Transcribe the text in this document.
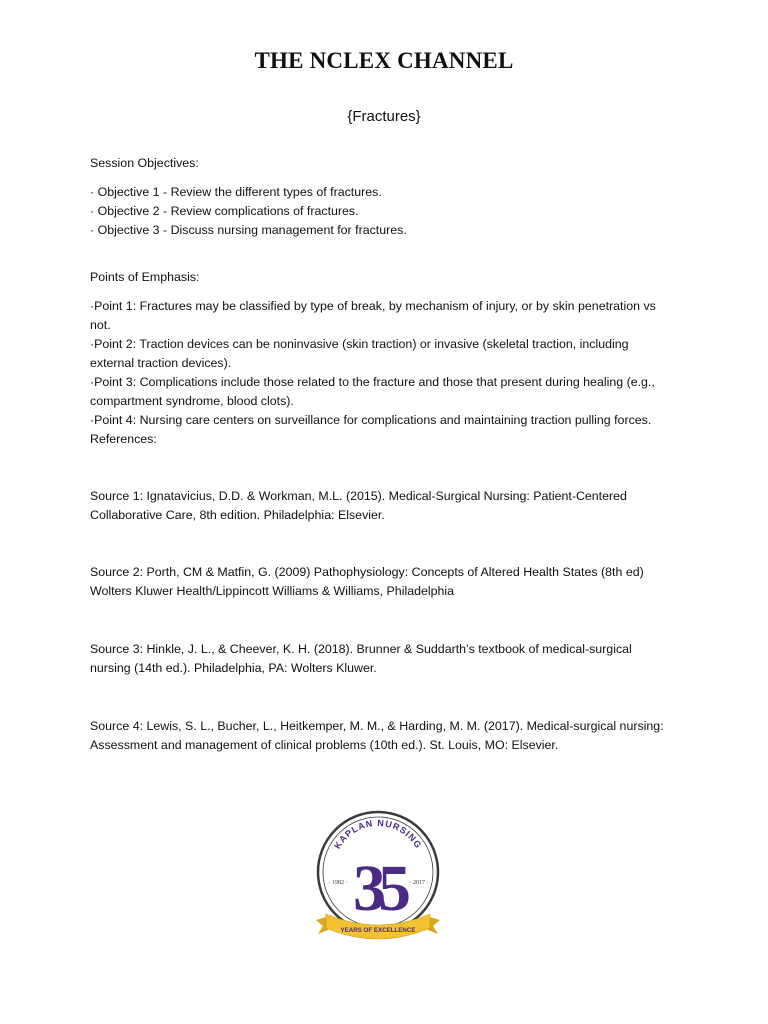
THE NCLEX CHANNEL
{Fractures}
Session Objectives:
· Objective 1 - Review the different types of fractures.
· Objective 2 - Review complications of fractures.
· Objective 3 - Discuss nursing management for fractures.
Points of Emphasis:
·Point 1: Fractures may be classified by type of break, by mechanism of injury, or by skin penetration vs
not.
·Point 2: Traction devices can be noninvasive (skin traction) or invasive (skeletal traction, including
external traction devices).
·Point 3: Complications include those related to the fracture and those that present during healing (e.g.,
compartment syndrome, blood clots).
·Point 4: Nursing care centers on surveillance for complications and maintaining traction pulling forces.
References:
Source 1: Ignatavicius, D.D. & Workman, M.L. (2015). Medical-Surgical Nursing: Patient-Centered
Collaborative Care, 8th edition. Philadelphia: Elsevier.
Source 2: Porth, CM & Matfin, G. (2009) Pathophysiology: Concepts of Altered Health States (8th ed)
Wolters Kluwer Health/Lippincott Williams & Williams, Philadelphia
Source 3: Hinkle, J. L., & Cheever, K. H. (2018). Brunner & Suddarth’s textbook of medical-surgical
nursing (14th ed.). Philadelphia, PA: Wolters Kluwer.
Source 4: Lewis, S. L., Bucher, L., Heitkemper, M. M., & Harding, M. M. (2017). Medical-surgical nursing:
Assessment and management of clinical problems (10th ed.). St. Louis, MO: Elsevier.
KAPLAN NURSING
35
· 1982 ·	· 2017 ·
YEARS OF EXCELLENCE
